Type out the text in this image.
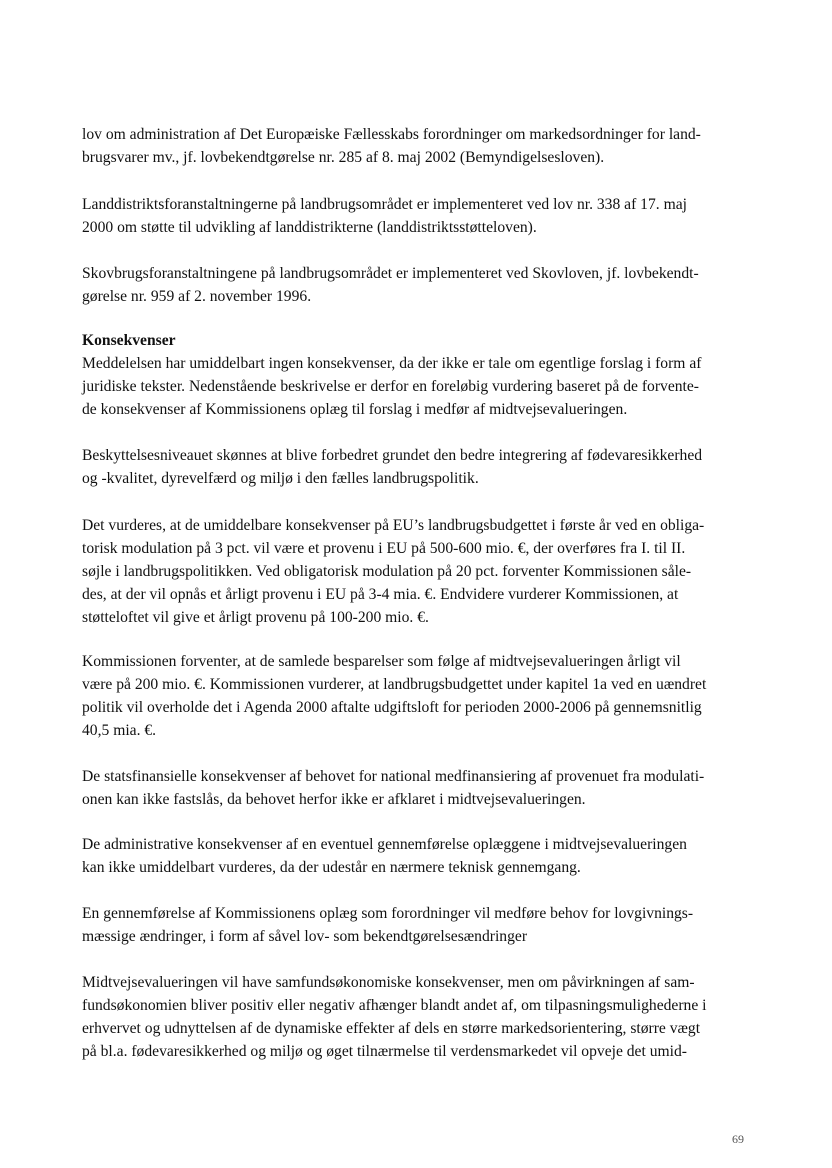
lov om administration af Det Europæiske Fællesskabs forordninger om markedsordninger for land-
brugsvarer mv., jf. lovbekendtgørelse nr. 285 af 8. maj 2002 (Bemyndigelsesloven).
Landdistriktsforanstaltningerne på landbrugsområdet er implementeret ved lov nr. 338 af 17. maj
2000 om støtte til udvikling af landdistrikterne (landdistriktsstøtteloven).
Skovbrugsforanstaltningene på landbrugsområdet er implementeret ved Skovloven, jf. lovbekendt-
gørelse nr. 959 af 2. november 1996.
Konsekvenser
Meddelelsen har umiddelbart ingen konsekvenser, da der ikke er tale om egentlige forslag i form af
juridiske tekster. Nedenstående beskrivelse er derfor en foreløbig vurdering baseret på de forvente-
de konsekvenser af Kommissionens oplæg til forslag i medfør af midtvejsevalueringen.
Beskyttelsesniveauet skønnes at blive forbedret grundet den bedre integrering af fødevaresikkerhed
og -kvalitet, dyrevelfærd og miljø i den fælles landbrugspolitik.
Det vurderes, at de umiddelbare konsekvenser på EU’s landbrugsbudgettet i første år ved en obliga-
torisk modulation på 3 pct. vil være et provenu i EU på 500-600 mio. €, der overføres fra I. til II.
søjle i landbrugspolitikken. Ved obligatorisk modulation på 20 pct. forventer Kommissionen såle-
des, at der vil opnås et årligt provenu i EU på 3-4 mia. €. Endvidere vurderer Kommissionen, at
støtteloftet vil give et årligt provenu på 100-200 mio. €.
Kommissionen forventer, at de samlede besparelser som følge af midtvejsevalueringen årligt vil
være på 200 mio. €. Kommissionen vurderer, at landbrugsbudgettet under kapitel 1a ved en uændret
politik vil overholde det i Agenda 2000 aftalte udgiftsloft for perioden 2000-2006 på gennemsnitlig
40,5 mia. €.
De statsfinansielle konsekvenser af behovet for national medfinansiering af provenuet fra modulati-
onen kan ikke fastslås, da behovet herfor ikke er afklaret i midtvejsevalueringen.
De administrative konsekvenser af en eventuel gennemførelse oplæggene i midtvejsevalueringen
kan ikke umiddelbart vurderes, da der udestår en nærmere teknisk gennemgang.
En gennemførelse af Kommissionens oplæg som forordninger vil medføre behov for lovgivnings-
mæssige ændringer, i form af såvel lov- som bekendtgørelsesændringer
Midtvejsevalueringen vil have samfundsøkonomiske konsekvenser, men om påvirkningen af sam-
fundsøkonomien bliver positiv eller negativ afhænger blandt andet af, om tilpasningsmulighederne i
erhvervet og udnyttelsen af de dynamiske effekter af dels en større markedsorientering, større vægt
på bl.a. fødevaresikkerhed og miljø og øget tilnærmelse til verdensmarkedet vil opveje det umid-
69
